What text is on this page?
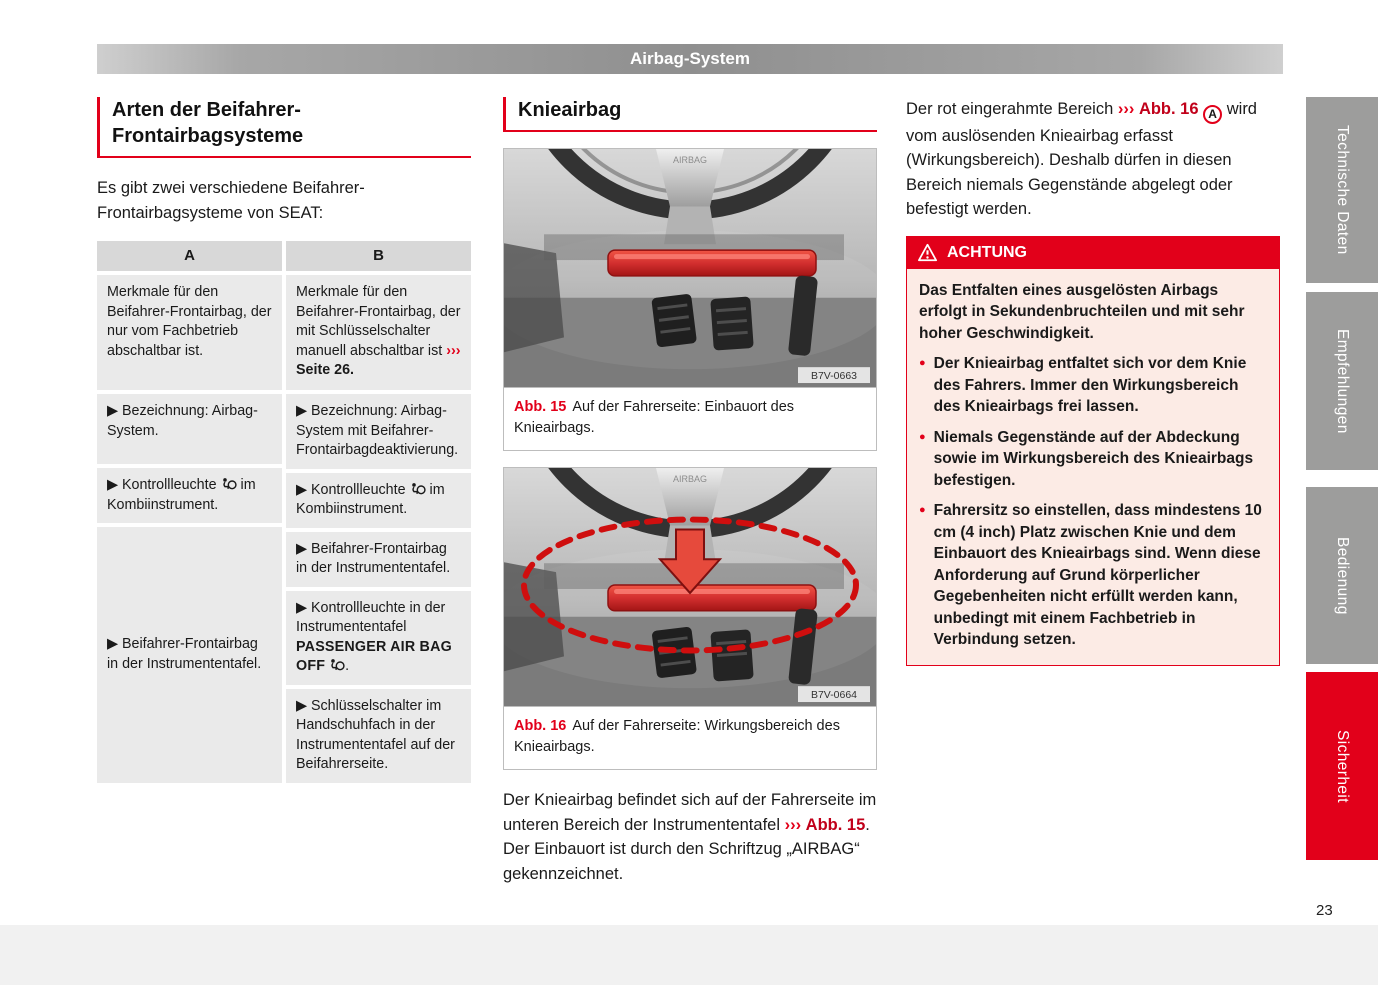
Airbag-System
Arten der Beifahrer-Frontairbagsysteme

Es gibt zwei verschiedene Beifahrer-Frontairbagsysteme von SEAT:

A
Merkmale für den Beifahrer-Frontairbag, der nur vom Fachbetrieb abschaltbar ist.
▶ Bezeichnung: Airbag-System.
▶ Kontrollleuchte im Kombiinstrument.
▶ Beifahrer-Frontairbag in der Instrumententafel.
B
Merkmale für den Beifahrer-Frontairbag, der mit Schlüsselschalter manuell abschaltbar ist ››› Seite 26.
▶ Bezeichnung: Airbag-System mit Beifahrer-Frontairbagdeaktivierung.
▶ Kontrollleuchte im Kombiinstrument.
▶ Beifahrer-Frontairbag in der Instrumententafel.
▶ Kontrollleuchte in der Instrumententafel PASSENGER AIR BAG OFF .
▶ Schlüsselschalter im Handschuhfach in der Instrumententafel auf der Beifahrerseite.
Knieairbag
AIRBAG
B7V-0663
Abb. 15 Auf der Fahrerseite: Einbauort des Knieairbags.
AIRBAG
B7V-0664
Abb. 16 Auf der Fahrerseite: Wirkungsbereich des Knieairbags.

Der Knieairbag befindet sich auf der Fahrerseite im unteren Bereich der Instrumententafel ››› Abb. 15. Der Einbauort ist durch den Schriftzug „AIRBAG“ gekennzeichnet.

Der rot eingerahmte Bereich ››› Abb. 16 A wird vom auslösenden Knieairbag erfasst (Wirkungsbereich). Deshalb dürfen in diesen Bereich niemals Gegenstände abgelegt oder befestigt werden.

ACHTUNG

Das Entfalten eines ausgelösten Airbags erfolgt in Sekundenbruchteilen und mit sehr hoher Geschwindigkeit.

● Der Knieairbag entfaltet sich vor dem Knie des Fahrers. Immer den Wirkungsbereich des Knieairbags frei lassen.
● Niemals Gegenstände auf der Abdeckung sowie im Wirkungsbereich des Knieairbags befestigen.
● Fahrersitz so einstellen, dass mindestens 10 cm (4 inch) Platz zwischen Knie und dem Einbauort des Knieairbags sind. Wenn diese Anforderung auf Grund körperlicher Gegebenheiten nicht erfüllt werden kann, unbedingt mit einem Fachbetrieb in Verbindung setzen.
Technische Daten
Empfehlungen
Bedienung
Sicherheit
23
